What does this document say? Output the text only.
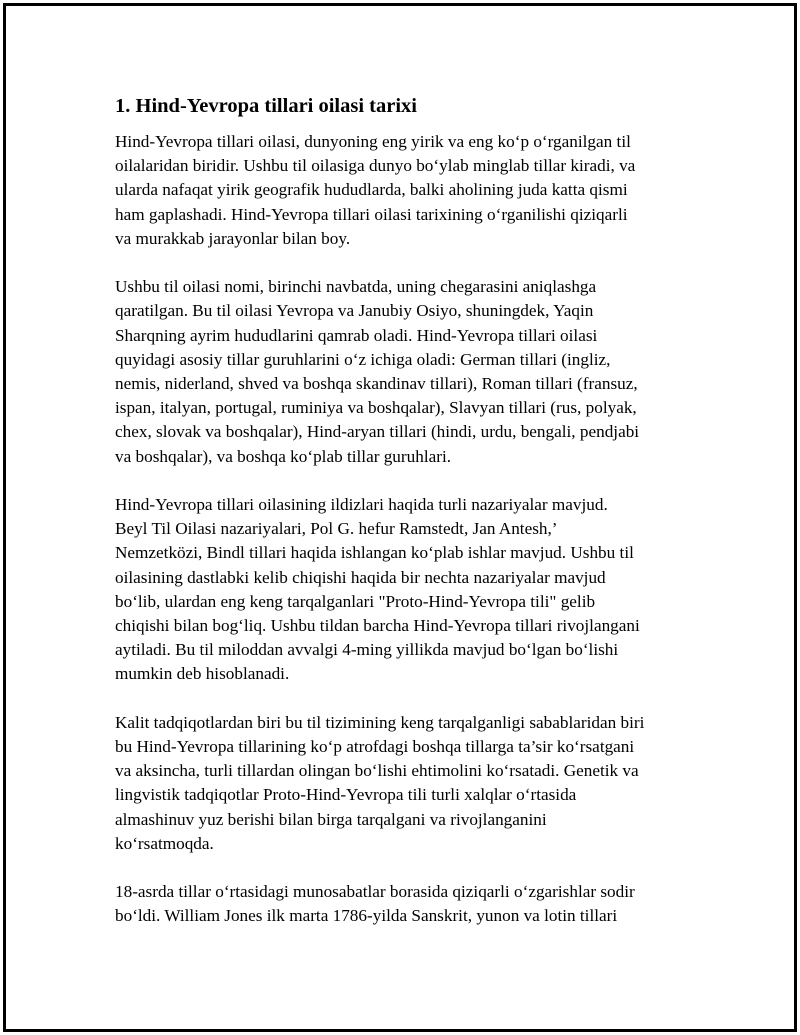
1. Hind-Yevropa tillari oilasi tarixi
Hind-Yevropa tillari oilasi, dunyoning eng yirik va eng ko‘p o‘rganilgan til
oilalaridan biridir. Ushbu til oilasiga dunyo bo‘ylab minglab tillar kiradi, va
ularda nafaqat yirik geografik hududlarda, balki aholining juda katta qismi
ham gaplashadi. Hind-Yevropa tillari oilasi tarixining o‘rganilishi qiziqarli
va murakkab jarayonlar bilan boy.
Ushbu til oilasi nomi, birinchi navbatda, uning chegarasini aniqlashga
qaratilgan. Bu til oilasi Yevropa va Janubiy Osiyo, shuningdek, Yaqin
Sharqning ayrim hududlarini qamrab oladi. Hind-Yevropa tillari oilasi
quyidagi asosiy tillar guruhlarini o‘z ichiga oladi: German tillari (ingliz,
nemis, niderland, shved va boshqa skandinav tillari), Roman tillari (fransuz,
ispan, italyan, portugal, ruminiya va boshqalar), Slavyan tillari (rus, polyak,
chex, slovak va boshqalar), Hind-aryan tillari (hindi, urdu, bengali, pendjabi
va boshqalar), va boshqa ko‘plab tillar guruhlari.
Hind-Yevropa tillari oilasining ildizlari haqida turli nazariyalar mavjud.
Beyl Til Oilasi nazariyalari, Pol G. hefur Ramstedt, Jan Antesh,’
Nemzetközi, Bindl tillari haqida ishlangan ko‘plab ishlar mavjud. Ushbu til
oilasining dastlabki kelib chiqishi haqida bir nechta nazariyalar mavjud
bo‘lib, ulardan eng keng tarqalganlari "Proto-Hind-Yevropa tili" gelib
chiqishi bilan bog‘liq. Ushbu tildan barcha Hind-Yevropa tillari rivojlangani
aytiladi. Bu til miloddan avvalgi 4-ming yillikda mavjud bo‘lgan bo‘lishi
mumkin deb hisoblanadi.
Kalit tadqiqotlardan biri bu til tizimining keng tarqalganligi sabablaridan biri
bu Hind-Yevropa tillarining ko‘p atrofdagi boshqa tillarga ta’sir ko‘rsatgani
va aksincha, turli tillardan olingan bo‘lishi ehtimolini ko‘rsatadi. Genetik va
lingvistik tadqiqotlar Proto-Hind-Yevropa tili turli xalqlar o‘rtasida
almashinuv yuz berishi bilan birga tarqalgani va rivojlanganini
ko‘rsatmoqda.
18-asrda tillar o‘rtasidagi munosabatlar borasida qiziqarli o‘zgarishlar sodir
bo‘ldi. William Jones ilk marta 1786-yilda Sanskrit, yunon va lotin tillari
